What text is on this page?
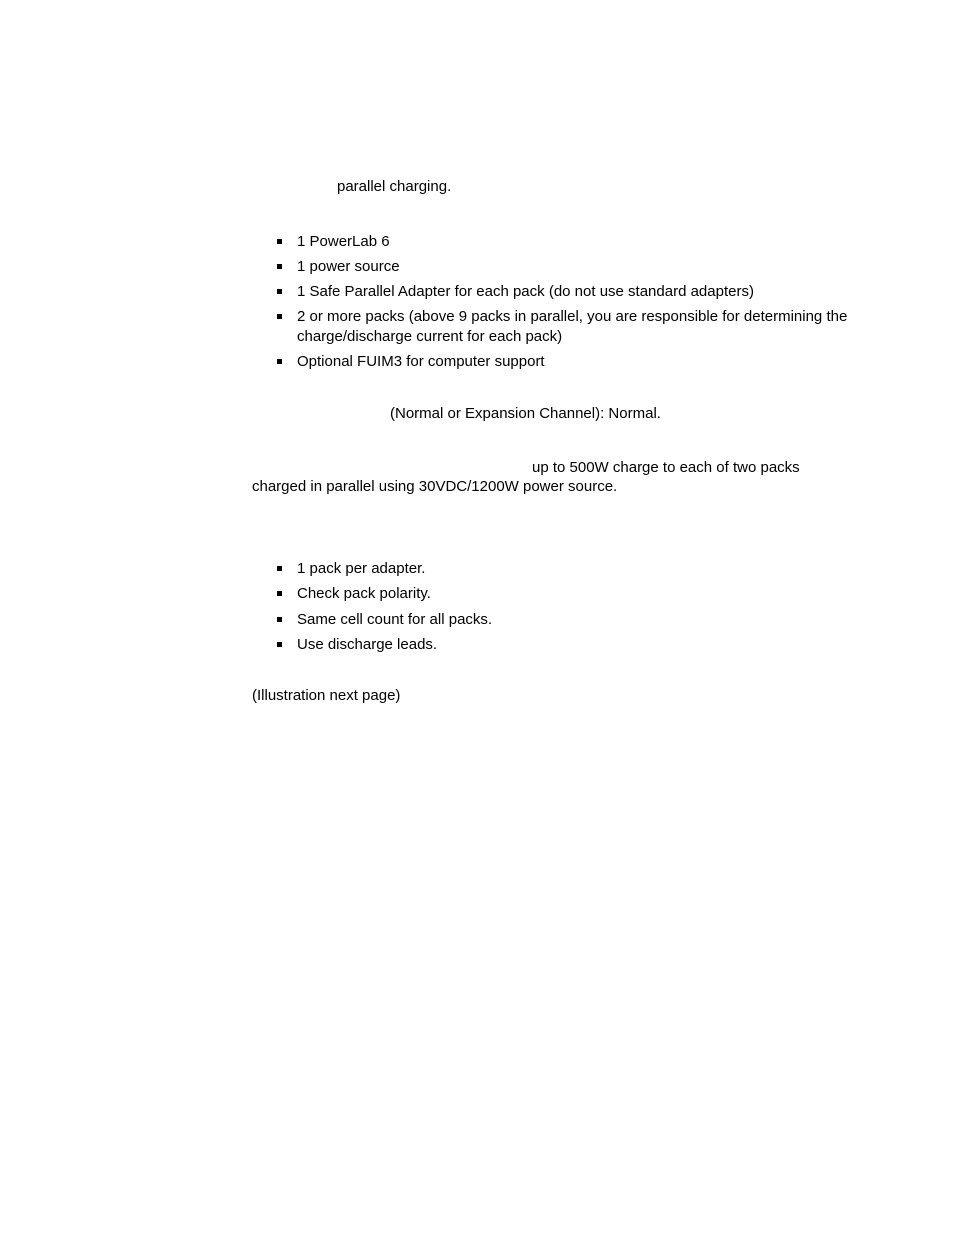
parallel charging.
1 PowerLab 6
1 power source
1 Safe Parallel Adapter for each pack (do not use standard adapters)
2 or more packs (above 9 packs in parallel, you are responsible for determining the charge/discharge current for each pack)
Optional FUIM3 for computer support
(Normal or Expansion Channel): Normal.
up to 500W charge to each of two packs
charged in parallel using 30VDC/1200W power source.
1 pack per adapter.
Check pack polarity.
Same cell count for all packs.
Use discharge leads.
(Illustration next page)
